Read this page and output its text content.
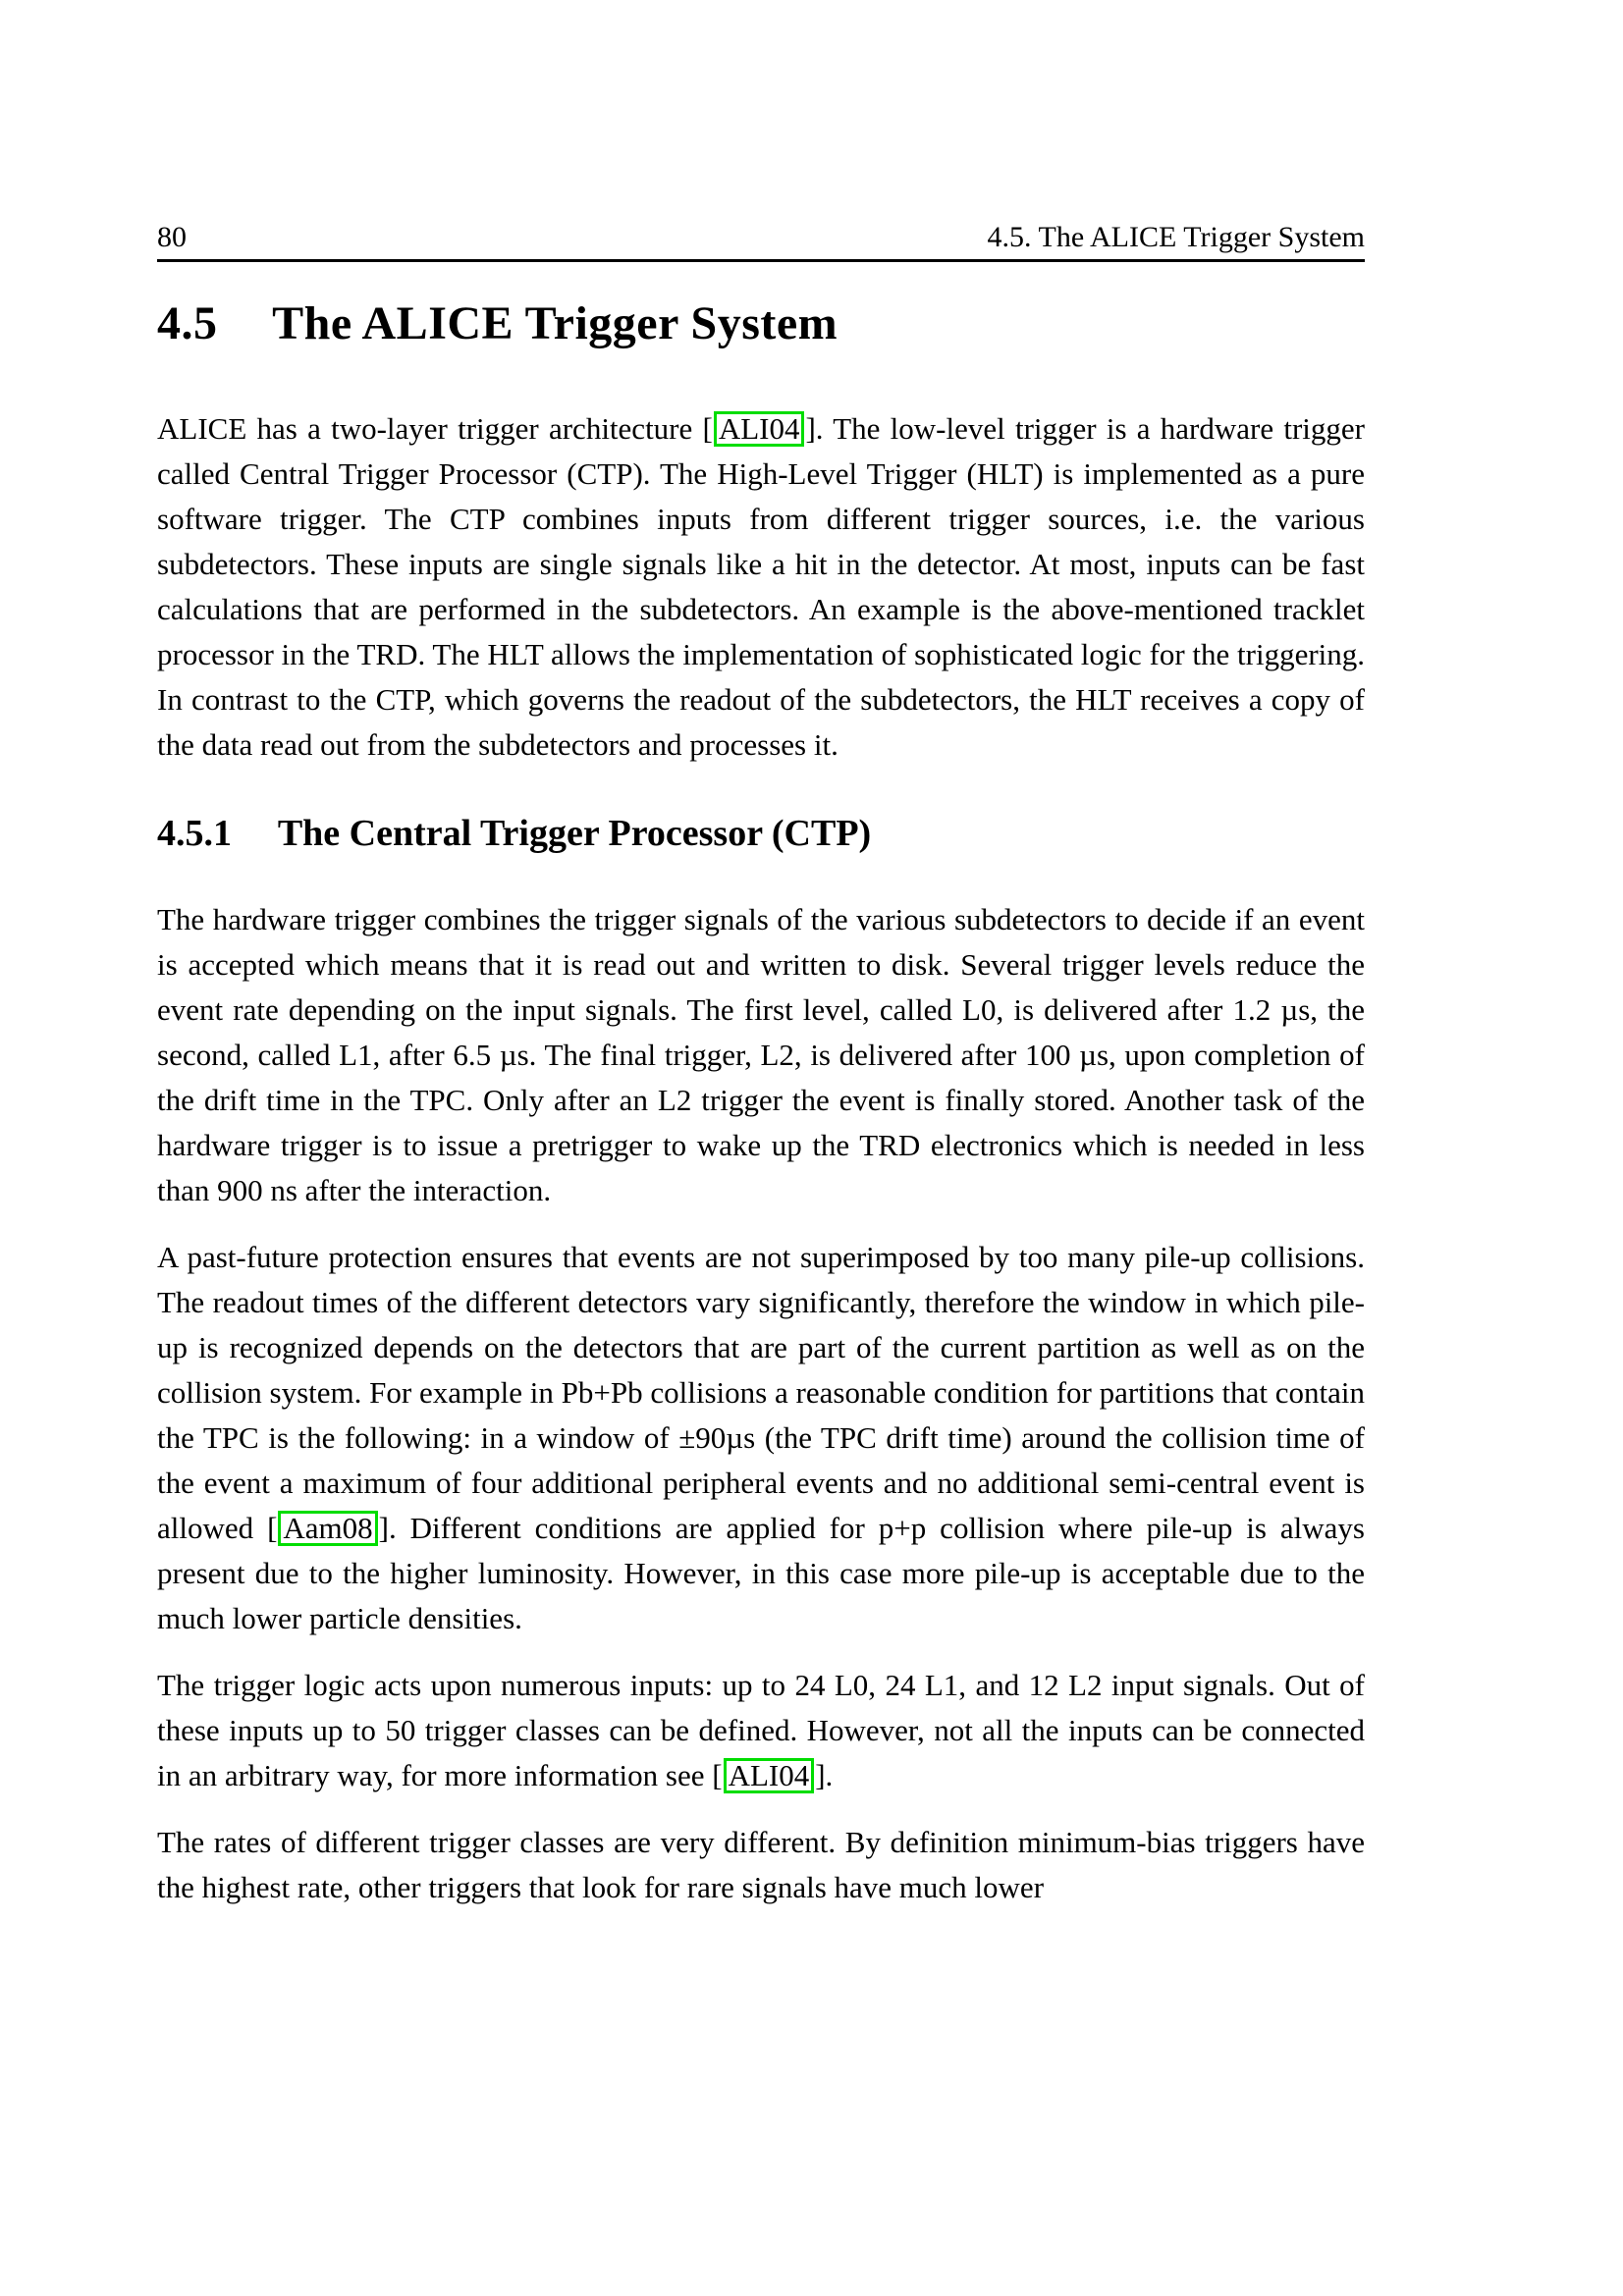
80	4.5. The ALICE Trigger System
4.5 The ALICE Trigger System

ALICE has a two-layer trigger architecture [ ALI04 ]. The low-level trigger is a hardware trigger called Central Trigger Processor (CTP). The High-Level Trigger (HLT) is implemented as a pure software trigger. The CTP combines inputs from different trigger sources, i.e. the various subdetectors. These inputs are single signals like a hit in the detector. At most, inputs can be fast calculations that are performed in the subdetectors. An example is the above-mentioned tracklet processor in the TRD. The HLT allows the implementation of sophisticated logic for the triggering. In contrast to the CTP, which governs the readout of the subdetectors, the HLT receives a copy of the data read out from the subdetectors and processes it.

4.5.1 The Central Trigger Processor (CTP)

The hardware trigger combines the trigger signals of the various subdetectors to decide if an event is accepted which means that it is read out and written to disk. Several trigger levels reduce the event rate depending on the input signals. The first level, called L0, is delivered after 1.2 µs, the second, called L1, after 6.5 µs. The final trigger, L2, is delivered after 100 µs, upon completion of the drift time in the TPC. Only after an L2 trigger the event is finally stored. Another task of the hardware trigger is to issue a pretrigger to wake up the TRD electronics which is needed in less than 900 ns after the interaction.

A past-future protection ensures that events are not superimposed by too many pile-up collisions. The readout times of the different detectors vary significantly, therefore the window in which pile-up is recognized depends on the detectors that are part of the current partition as well as on the collision system. For example in Pb+Pb collisions a reasonable condition for partitions that contain the TPC is the following: in a window of ±90µs (the TPC drift time) around the collision time of the event a maximum of four additional peripheral events and no additional semi-central event is allowed [ Aam08 ]. Different conditions are applied for p+p collision where pile-up is always present due to the higher luminosity. However, in this case more pile-up is acceptable due to the much lower particle densities.

The trigger logic acts upon numerous inputs: up to 24 L0, 24 L1, and 12 L2 input signals. Out of these inputs up to 50 trigger classes can be defined. However, not all the inputs can be connected in an arbitrary way, for more information see [ ALI04 ].

The rates of different trigger classes are very different. By definition minimum-bias triggers have the highest rate, other triggers that look for rare signals have much lower
